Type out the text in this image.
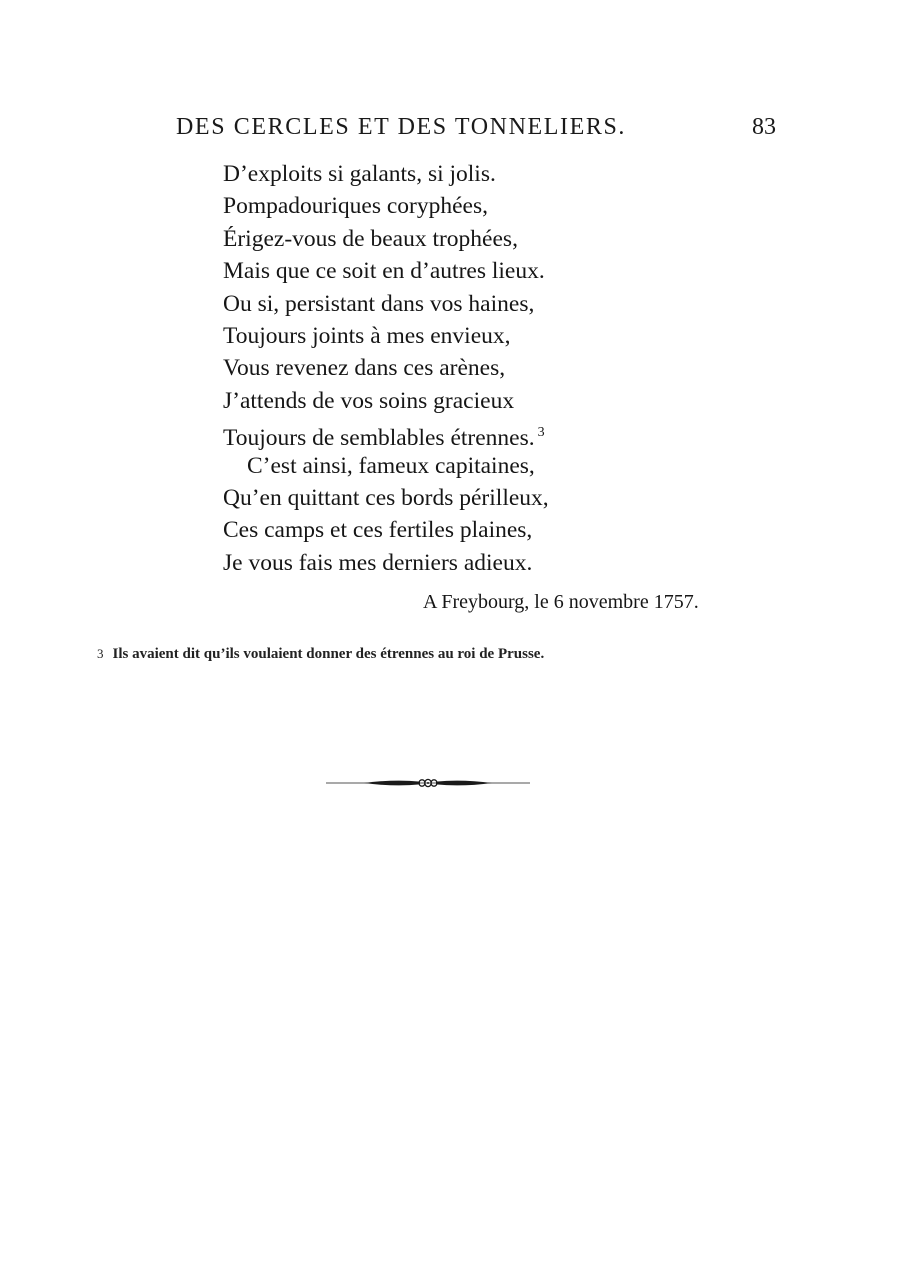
DES CERCLES ET DES TONNELIERS.	83
D’exploits si galants, si jolis.
Pompadouriques coryphées,
Érigez-vous de beaux trophées,
Mais que ce soit en d’autres lieux.
Ou si, persistant dans vos haines,
Toujours joints à mes envieux,
Vous revenez dans ces arènes,
J’attends de vos soins gracieux
Toujours de semblables étrennes. $^3$
C’est ainsi, fameux capitaines,
Qu’en quittant ces bords périlleux,
Ces camps et ces fertiles plaines,
Je vous fais mes derniers adieux.
A Freybourg, le 6 novembre 1757.
3 Ils avaient dit qu’ils voulaient donner des étrennes au roi de Prusse.
